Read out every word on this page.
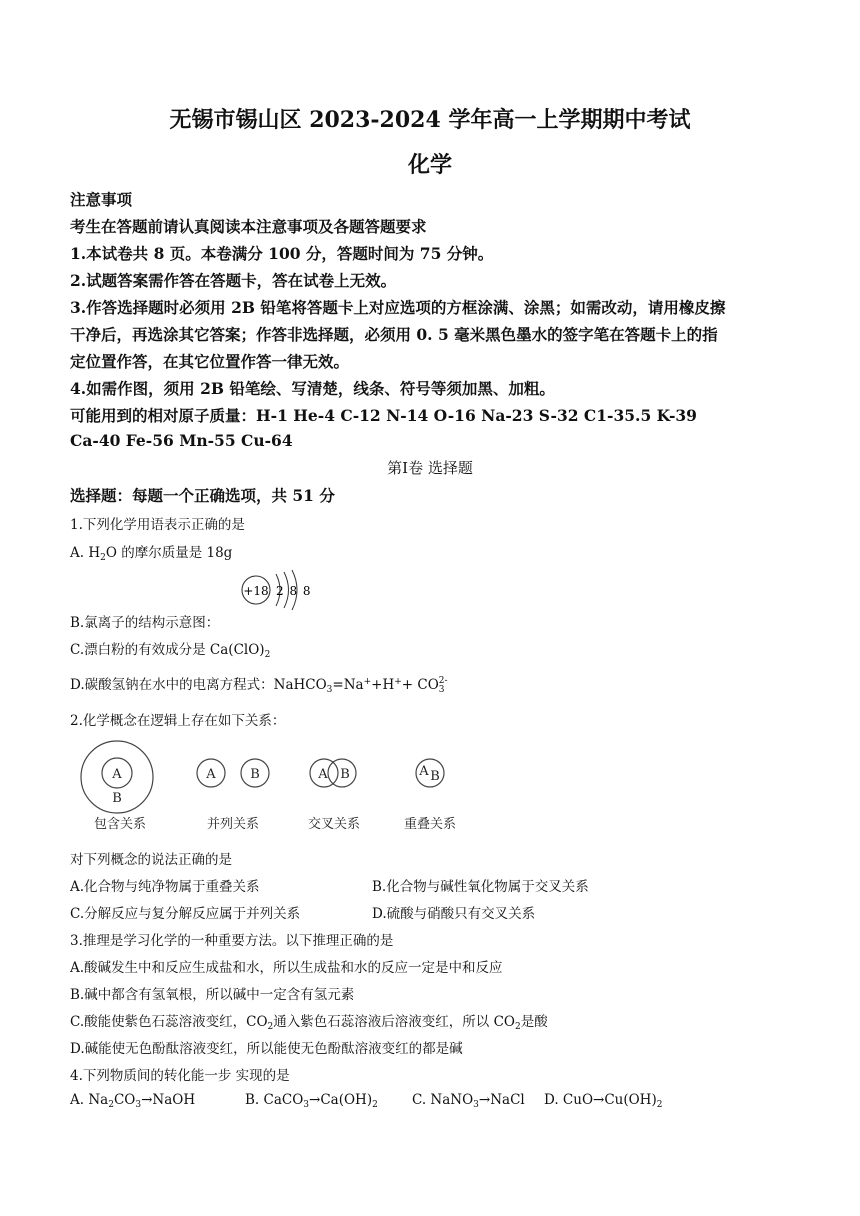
无锡市锡山区 2023-2024 学年高一上学期期中考试
化学
注意事项
考生在答题前请认真阅读本注意事项及各题答题要求
1.本试卷共 8 页。本卷满分 100 分，答题时间为 75 分钟。
2.试题答案需作答在答题卡，答在试卷上无效。
3.作答选择题时必须用 2B 铅笔将答题卡上对应选项的方框涂满、涂黑；如需改动，请用橡皮擦
干净后，再选涂其它答案；作答非选择题，必须用 0. 5 毫米黑色墨水的签字笔在答题卡上的指
定位置作答，在其它位置作答一律无效。
4.如需作图，须用 2B 铅笔绘、写清楚，线条、符号等须加黑、加粗。
可能用到的相对原子质量：H-1 He-4 C-12 N-14 O-16 Na-23 S-32 C1-35.5 K-39
Ca-40 Fe-56 Mn-55 Cu-64
第Ⅰ卷 选择题
选择题：每题一个正确选项，共 51 分
1.下列化学用语表示正确的是
A. $H_2O$ 的摩尔质量是 18g
+18 2 8 8
B.氯离子的结构示意图：
C.漂白粉的有效成分是 $Ca(ClO)_2$
D.碳酸氢钠在水中的电离方程式：NaHCO$_3$=Na++H++ CO 2-
3
2.化学概念在逻辑上存在如下关系：
A
B
A	B	A B	A B
包含关系	并列关系	交叉关系	重叠关系
对下列概念的说法正确的是
A.化合物与纯净物属于重叠关系	B.化合物与碱性氧化物属于交叉关系
C.分解反应与复分解反应属于并列关系	D.硫酸与硝酸只有交叉关系
3.推理是学习化学的一种重要方法。以下推理正确的是
A.酸碱发生中和反应生成盐和水，所以生成盐和水的反应一定是中和反应
B.碱中都含有氢氧根，所以碱中一定含有氢元素
C.酸能使紫色石蕊溶液变红，$CO_2$通入紫色石蕊溶液后溶液变红，所以 $CO_2$是酸
D.碱能使无色酚酞溶液变红，所以能使无色酚酞溶液变红的都是碱
4.下列物质间的转化能一步 实现的是
A. $Na_2CO_3\to NaOH$	B. $CaCO_3\to Ca(OH)_2$	C. NaNO$_3$→NaCl D. $CuO\to Cu(OH)_2$
